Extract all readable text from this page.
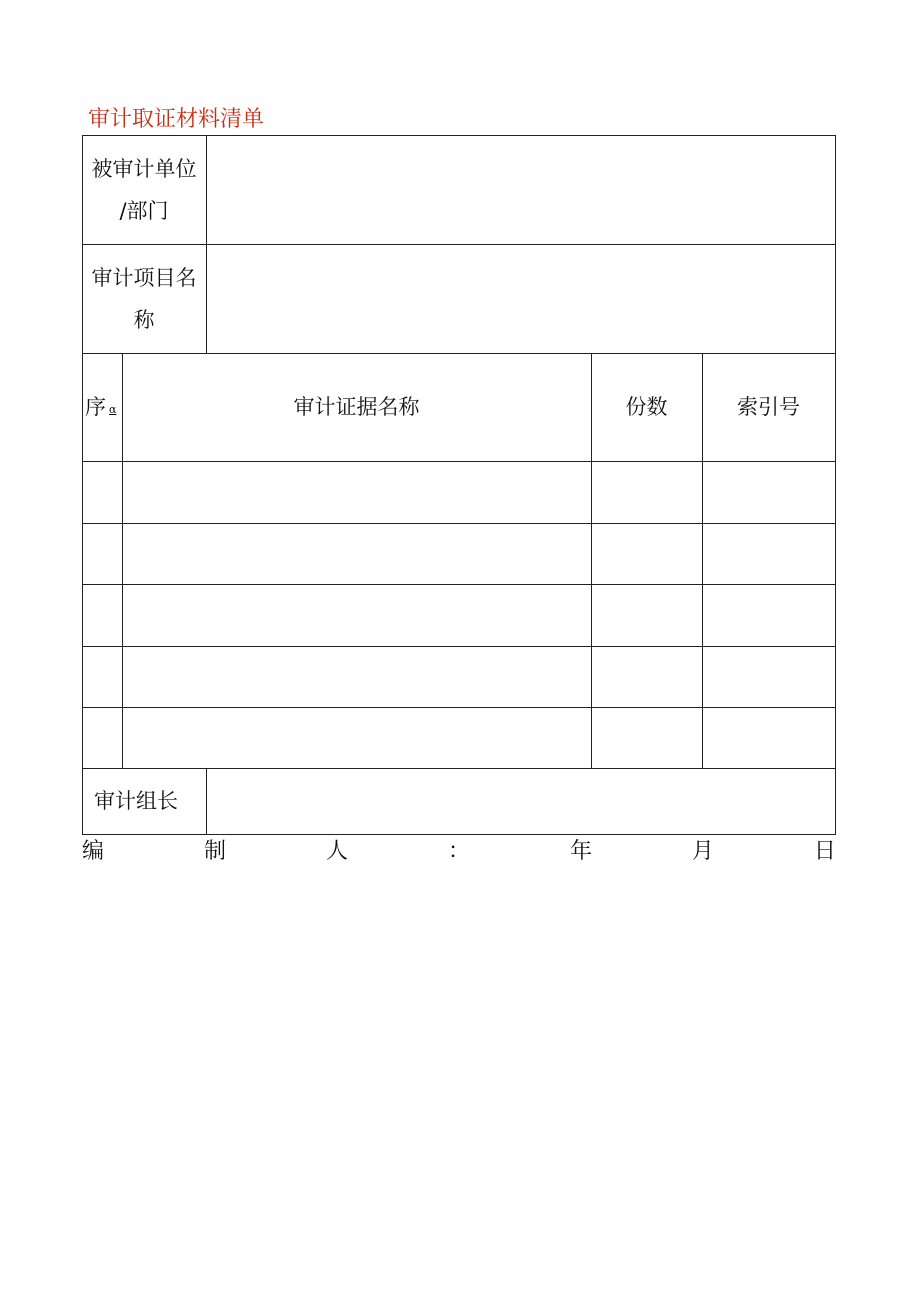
审计取证材料清单
被审计单位
/部门
审计项目名
称
序 α	审计证据名称	份数	索引号
审计组长
编	制	人	：	年	月	日
